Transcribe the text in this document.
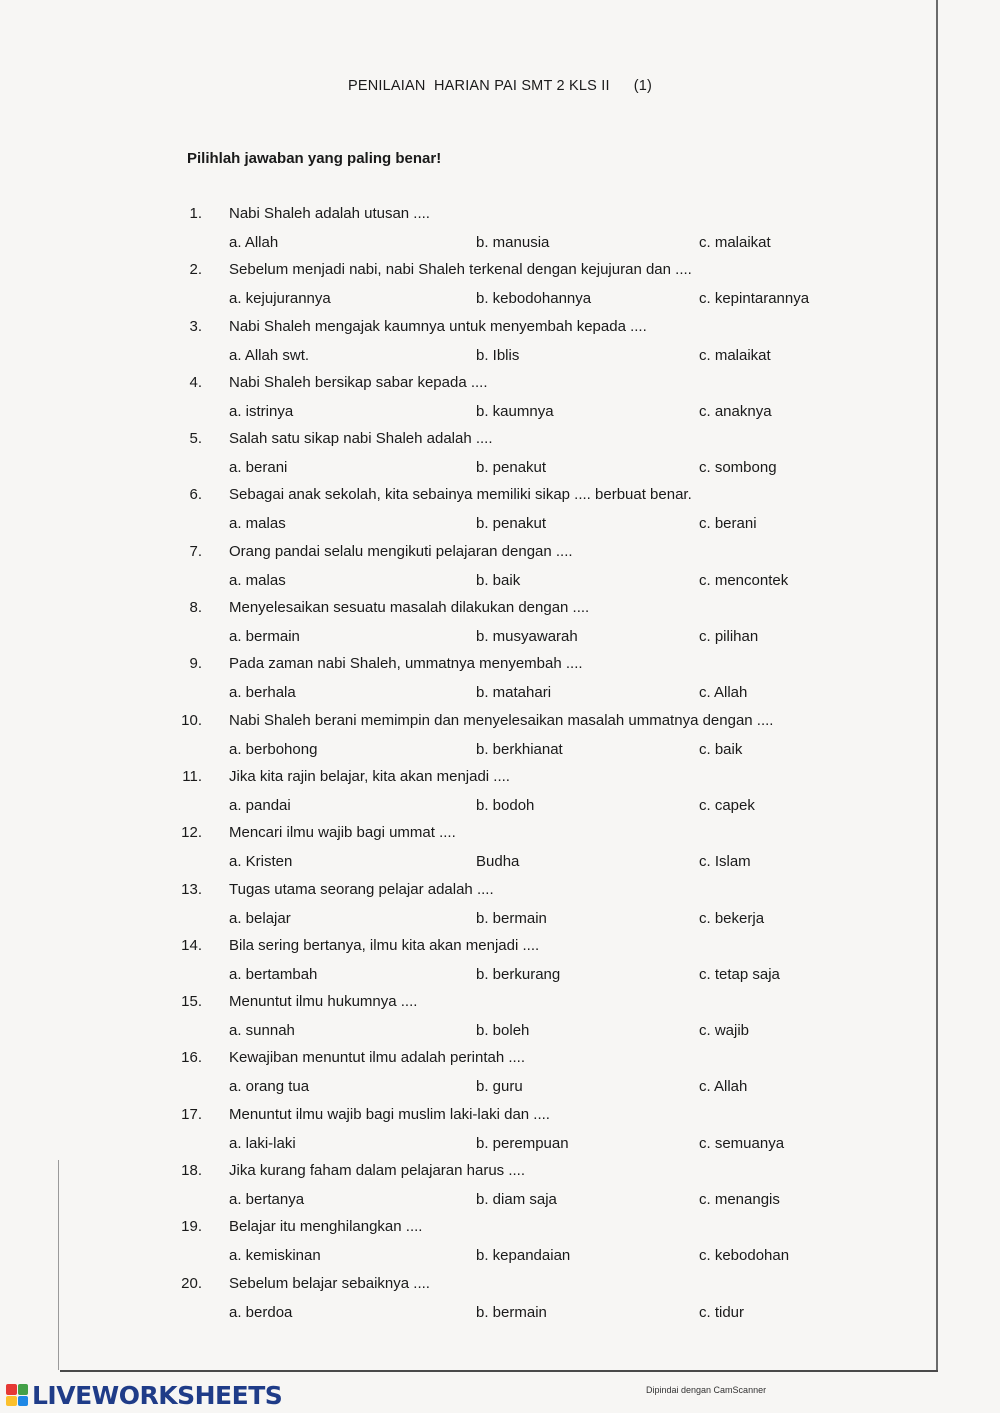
PENILAIAN  HARIAN PAI SMT 2 KLS II (1)
Pilihlah jawaban yang paling benar!
1. Nabi Shaleh adalah utusan ....
a. Allah	b. manusia	c. malaikat
2. Sebelum menjadi nabi, nabi Shaleh terkenal dengan kejujuran dan ....
a. kejujurannya	b. kebodohannya	c. kepintarannya
3. Nabi Shaleh mengajak kaumnya untuk menyembah kepada ....
a. Allah swt.	b. Iblis	c. malaikat
4. Nabi Shaleh bersikap sabar kepada ....
a. istrinya	b. kaumnya	c. anaknya
5. Salah satu sikap nabi Shaleh adalah ....
a. berani	b. penakut	c. sombong
6. Sebagai anak sekolah, kita sebainya memiliki sikap .... berbuat benar.
a. malas	b. penakut	c. berani
7. Orang pandai selalu mengikuti pelajaran dengan ....
a. malas	b. baik	c. mencontek
8. Menyelesaikan sesuatu masalah dilakukan dengan ....
a. bermain	b. musyawarah	c. pilihan
9. Pada zaman nabi Shaleh, ummatnya menyembah ....
a. berhala	b. matahari	c. Allah
10. Nabi Shaleh berani memimpin dan menyelesaikan masalah ummatnya dengan ....
a. berbohong	b. berkhianat	c. baik
11. Jika kita rajin belajar, kita akan menjadi ....
a. pandai	b. bodoh	c. capek
12. Mencari ilmu wajib bagi ummat ....
a. Kristen	Budha	c. Islam
13. Tugas utama seorang pelajar adalah ....
a. belajar	b. bermain	c. bekerja
14. Bila sering bertanya, ilmu kita akan menjadi ....
a. bertambah	b. berkurang	c. tetap saja
15. Menuntut ilmu hukumnya ....
a. sunnah	b. boleh	c. wajib
16. Kewajiban menuntut ilmu adalah perintah ....
a. orang tua	b. guru	c. Allah
17. Menuntut ilmu wajib bagi muslim laki-laki dan ....
a. laki-laki	b. perempuan	c. semuanya
18. Jika kurang faham dalam pelajaran harus ....
a. bertanya	b. diam saja	c. menangis
19. Belajar itu menghilangkan ....
a. kemiskinan	b. kepandaian	c. kebodohan
20. Sebelum belajar sebaiknya ....
a. berdoa	b. bermain	c. tidur
LIVEWORKSHEETS	Dipindai dengan CamScanner
